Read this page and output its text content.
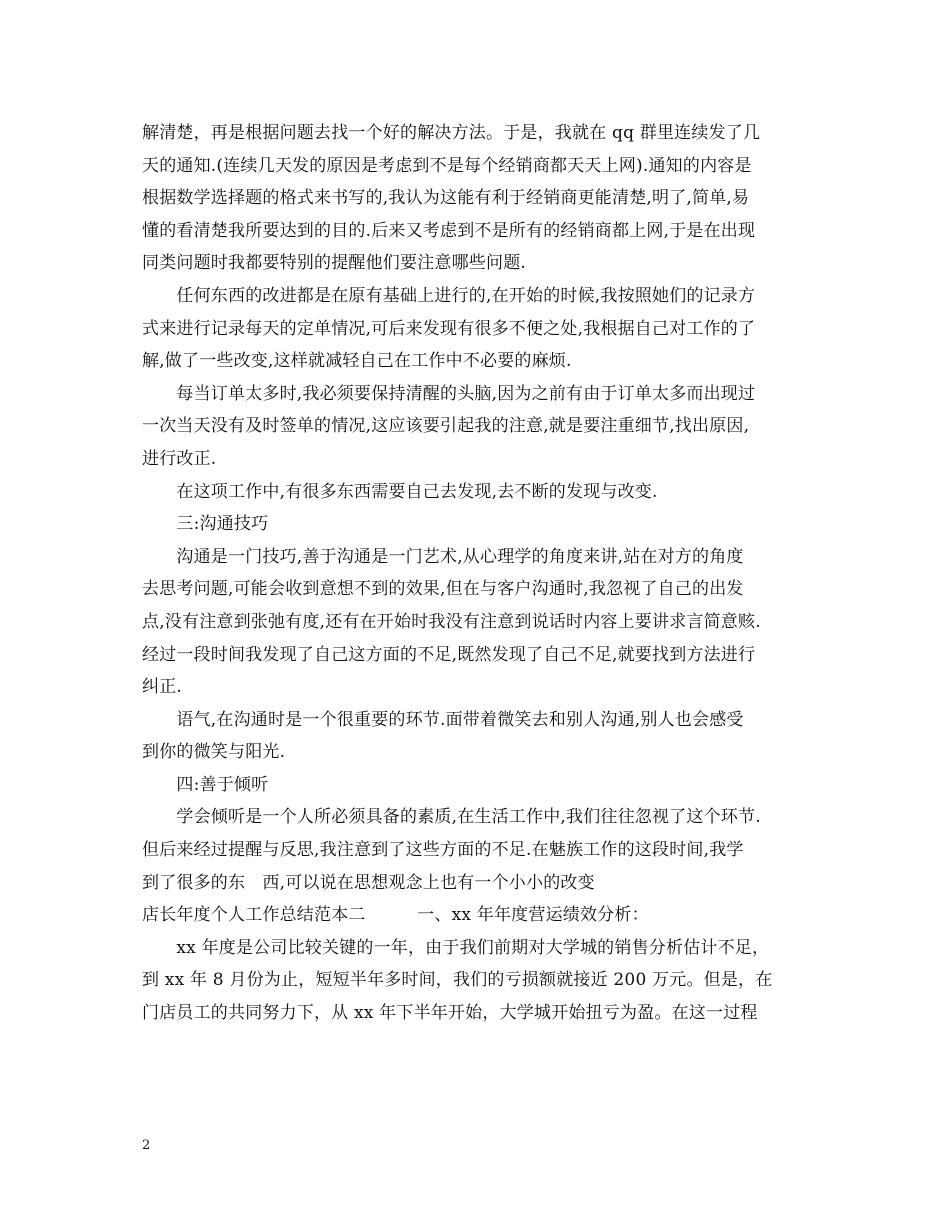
解清楚，再是根据问题去找一个好的解决方法。于是，我就在 qq 群里连续发了几
天的通知.(连续几天发的原因是考虑到不是每个经销商都天天上网).通知的内容是
根据数学选择题的格式来书写的,我认为这能有利于经销商更能清楚,明了,简单,易
懂的看清楚我所要达到的目的.后来又考虑到不是所有的经销商都上网,于是在出现
同类问题时我都要特别的提醒他们要注意哪些问题.
　　任何东西的改进都是在原有基础上进行的,在开始的时候,我按照她们的记录方
式来进行记录每天的定单情况,可后来发现有很多不便之处,我根据自己对工作的了
解,做了一些改变,这样就减轻自己在工作中不必要的麻烦.
　　每当订单太多时,我必须要保持清醒的头脑,因为之前有由于订单太多而出现过
一次当天没有及时签单的情况,这应该要引起我的注意,就是要注重细节,找出原因,
进行改正.
　　在这项工作中,有很多东西需要自己去发现,去不断的发现与改变.
　　三:沟通技巧
　　沟通是一门技巧,善于沟通是一门艺术,从心理学的角度来讲,站在对方的角度
去思考问题,可能会收到意想不到的效果,但在与客户沟通时,我忽视了自己的出发
点,没有注意到张弛有度,还有在开始时我没有注意到说话时内容上要讲求言简意赅.
经过一段时间我发现了自己这方面的不足,既然发现了自己不足,就要找到方法进行
纠正.
　　语气,在沟通时是一个很重要的环节.面带着微笑去和别人沟通,别人也会感受
到你的微笑与阳光.
　　四:善于倾听
　　学会倾听是一个人所必须具备的素质,在生活工作中,我们往往忽视了这个环节.
但后来经过提醒与反思,我注意到了这些方面的不足.在魅族工作的这段时间,我学
到了很多的东　西,可以说在思想观念上也有一个小小的改变
店长年度个人工作总结范本二　　　一、xx 年年度营运绩效分析：
　　xx 年度是公司比较关键的一年，由于我们前期对大学城的销售分析估计不足，
到 xx 年 8 月份为止，短短半年多时间，我们的亏损额就接近 200 万元。但是，在
门店员工的共同努力下，从 xx 年下半年开始，大学城开始扭亏为盈。在这一过程
2
